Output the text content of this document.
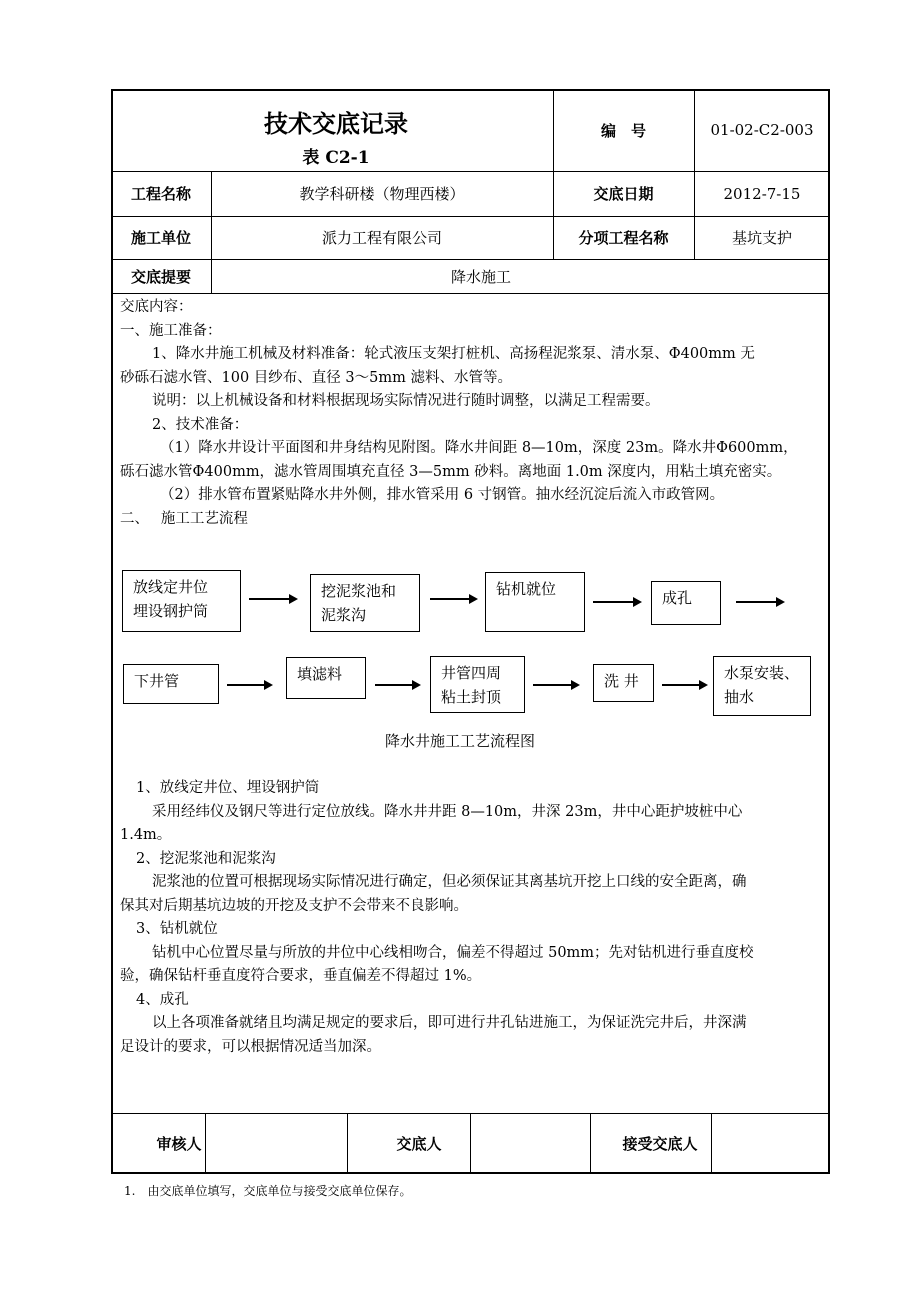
技术交底记录
表 C2-1
编　号	01-02-C2-003
工程名称	教学科研楼（物理西楼）	交底日期	2012-7-15
施工单位	派力工程有限公司	分项工程名称	基坑支护
交底提要	降水施工

交底内容：

一、施工准备：

1、降水井施工机械及材料准备：轮式液压支架打桩机、高扬程泥浆泵、清水泵、Φ400mm 无

砂砾石滤水管、100 目纱布、直径 3～5mm 滤料、水管等。

说明：以上机械设备和材料根据现场实际情况进行随时调整，以满足工程需要。

2、技术准备：

（1）降水井设计平面图和井身结构见附图。降水井间距 8—10m，深度 23m。降水井Φ600mm，

砾石滤水管Φ400mm，滤水管周围填充直径 3—5mm 砂料。离地面 1.0m 深度内，用粘土填充密实。

（2）排水管布置紧贴降水井外侧，排水管采用 6 寸钢管。抽水经沉淀后流入市政管网。

二、　 施工工艺流程

放线定井位
埋设钢护筒
挖泥浆池和
泥浆沟
钻机就位	成孔
下井管	填滤料	井管四周
粘土封顶
洗 井	水泵安装、
抽水
降水井施工工艺流程图

1、放线定井位、埋设钢护筒

采用经纬仪及钢尺等进行定位放线。降水井井距 8—10m，井深 23m，井中心距护坡桩中心

1.4m。

2、挖泥浆池和泥浆沟

泥浆池的位置可根据现场实际情况进行确定，但必须保证其离基坑开挖上口线的安全距离，确

保其对后期基坑边坡的开挖及支护不会带来不良影响。

3、钻机就位

钻机中心位置尽量与所放的井位中心线相吻合，偏差不得超过 50mm；先对钻机进行垂直度校

验，确保钻杆垂直度符合要求，垂直偏差不得超过 1%。

4、成孔

以上各项准备就绪且均满足规定的要求后，即可进行井孔钻进施工，为保证洗完井后，井深满

足设计的要求，可以根据情况适当加深。

审核人	交底人	接受交底人
1.　由交底单位填写，交底单位与接受交底单位保存。
